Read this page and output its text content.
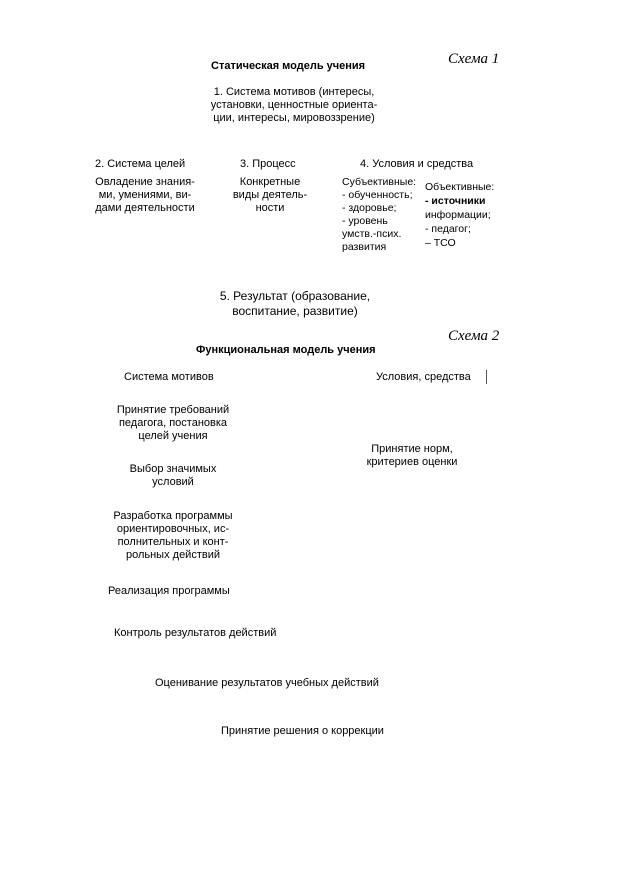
Схема 1
Статическая модель учения
1. Система мотивов (интересы,
установки, ценностные ориента-
ции, интересы, мировоззрение)
2. Система целей
Овладение знания-
ми, умениями, ви-
дами деятельности
3. Процесс
Конкретные
виды деятель-
ности
4. Условия и средства
Субъективные:
- обученность;
- здоровье;
- уровень
умств.-псих.
развития
Объективные:
- источники
информации;
- педагог;
– ТСО
5. Результат (образование,
воспитание, развитие)
Схема 2
Функциональная модель учения
Система мотивов	Условия, средства
Принятие требований
педагога, постановка
целей учения
Выбор значимых
условий
Разработка программы
ориентировочных, ис-
полнительных и конт-
рольных действий
Реализация программы
Контроль результатов действий
Оценивание результатов учебных действий
Принятие решения о коррекции
Принятие норм,
критериев оценки
